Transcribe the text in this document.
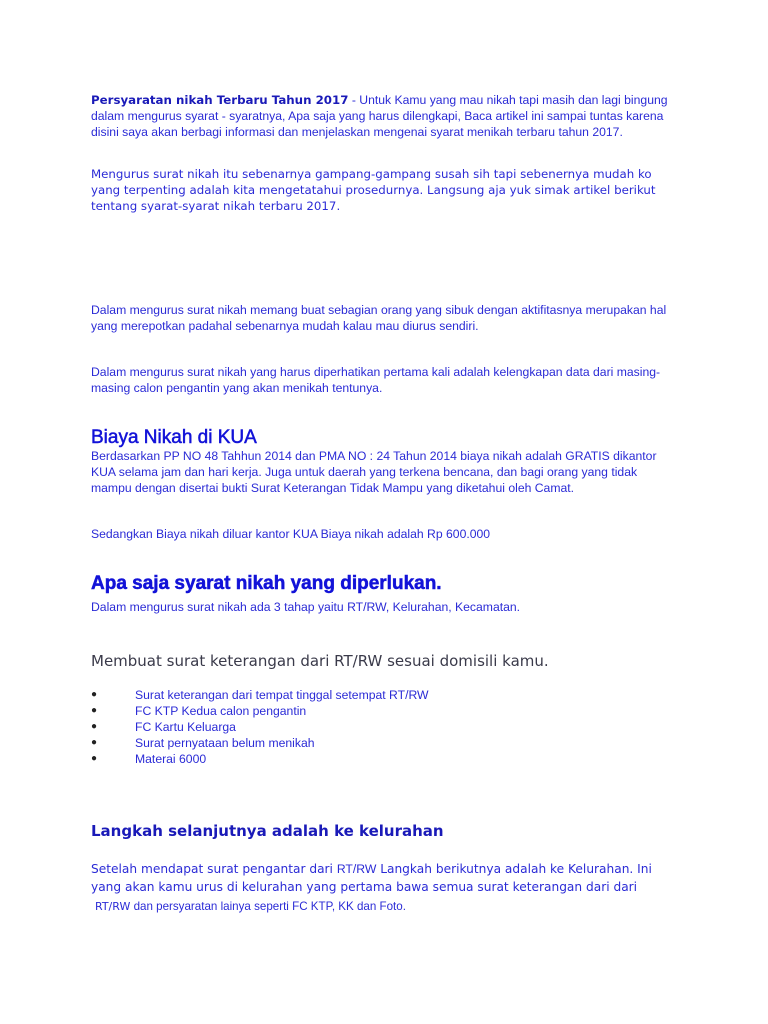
Persyaratan nikah Terbaru Tahun 2017 - Untuk Kamu yang mau nikah tapi masih dan lagi bingung dalam mengurus syarat - syaratnya, Apa saja yang harus dilengkapi, Baca artikel ini sampai tuntas karena disini saya akan berbagi informasi dan menjelaskan mengenai syarat menikah terbaru tahun 2017.

Mengurus surat nikah itu sebenarnya gampang-gampang susah sih tapi sebenernya mudah ko yang terpenting adalah kita mengetatahui prosedurnya. Langsung aja yuk simak artikel berikut tentang syarat-syarat nikah terbaru 2017.

Dalam mengurus surat nikah memang buat sebagian orang yang sibuk dengan aktifitasnya merupakan hal yang merepotkan padahal sebenarnya mudah kalau mau diurus sendiri.

Dalam mengurus surat nikah yang harus diperhatikan pertama kali adalah kelengkapan data dari masing-masing calon pengantin yang akan menikah tentunya.

Biaya Nikah di KUA

Berdasarkan PP NO 48 Tahhun 2014 dan PMA NO : 24 Tahun 2014 biaya nikah adalah GRATIS dikantor KUA selama jam dan hari kerja. Juga untuk daerah yang terkena bencana, dan bagi orang yang tidak mampu dengan disertai bukti Surat Keterangan Tidak Mampu yang diketahui oleh Camat.

Sedangkan Biaya nikah diluar kantor KUA Biaya nikah adalah Rp 600.000

Apa saja syarat nikah yang diperlukan.

Dalam mengurus surat nikah ada 3 tahap yaitu RT/RW, Kelurahan, Kecamatan.

Membuat surat keterangan dari RT/RW sesuai domisili kamu.
●	Surat keterangan dari tempat tinggal setempat RT/RW
●	FC KTP Kedua calon pengantin
●	FC Kartu Keluarga
●	Surat pernyataan belum menikah
●	Materai 6000
Langkah selanjutnya adalah ke kelurahan
Setelah mendapat surat pengantar dari RT/RW Langkah berikutnya adalah ke Kelurahan. Ini
yang akan kamu urus di kelurahan yang pertama bawa semua surat keterangan dari dari
RT/RW dan persyaratan lainya seperti FC KTP, KK dan Foto.
